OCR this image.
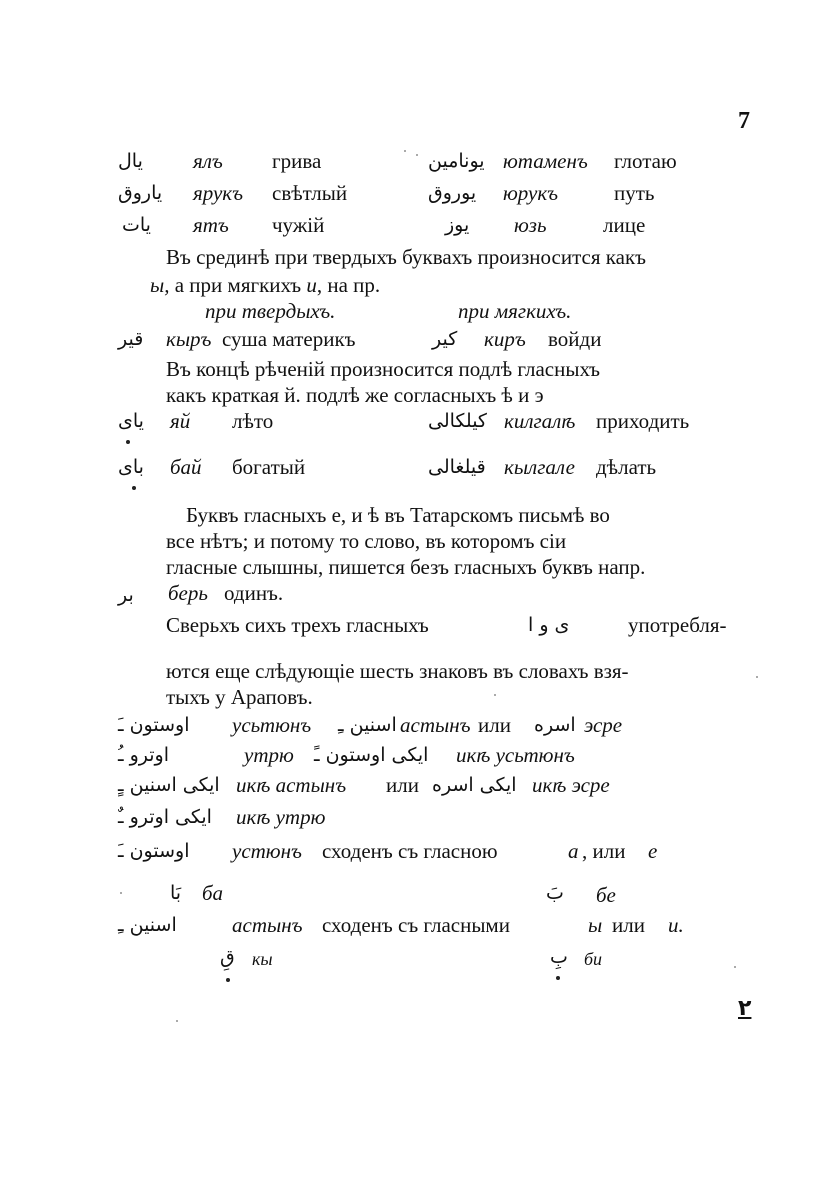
7
يال ялъ грива	يونامين ютаменъ глотаю
ياروق ярукъ свѣтлый	يوروق юрукъ	путь
يات ятъ чужій	يوز юзь	лице
Въ срединѣ при твердыхъ буквахъ произносится какъ
ы, а при мягкихъ и, на пр.
при твердыхъ.	при мягкихъ.
قير кыръ суша материкъ	كير киръ войди
Въ концѣ рѣченій произносится подлѣ гласныхъ
какъ краткая й. подлѣ же согласныхъ ѣ и э
ياى яй лѣто	كيلكالى килгалѣ приходить
باى бай богатый	قيلغالى кылгале дѣлать
Буквъ гласныхъ е, и ѣ въ Татарскомъ письмѣ во
все нѣтъ; и потому то слово, въ которомъ сіи
гласные слышны, пишется безъ гласныхъ буквъ напр.
بر берь одинъ.
Сверьхъ сихъ трехъ гласныхъ	ى و ا	употребля-
ются еще слѣдующіе шесть знаковъ въ словахъ взя-
тыхъ у Араповъ.
اوستون ـَ усьтюнъ اسنين ـِ астынъ или اسره эсре
اوترو ـُ	утрю ايكى اوستون ـً икѣ усьтюнъ
ايكى اسنين ـٍ икѣ астынъ или ايكى اسره икѣ эсре
ايكى اوترو ـٌ икѣ утрю
اوستون ـَ устюнъ сходенъ съ гласною	а , или е
بَا ба	بَ бе
اسنين ـِ	астынъ сходенъ съ гласными	ы или и.
قِ кы	بِ би
٢
